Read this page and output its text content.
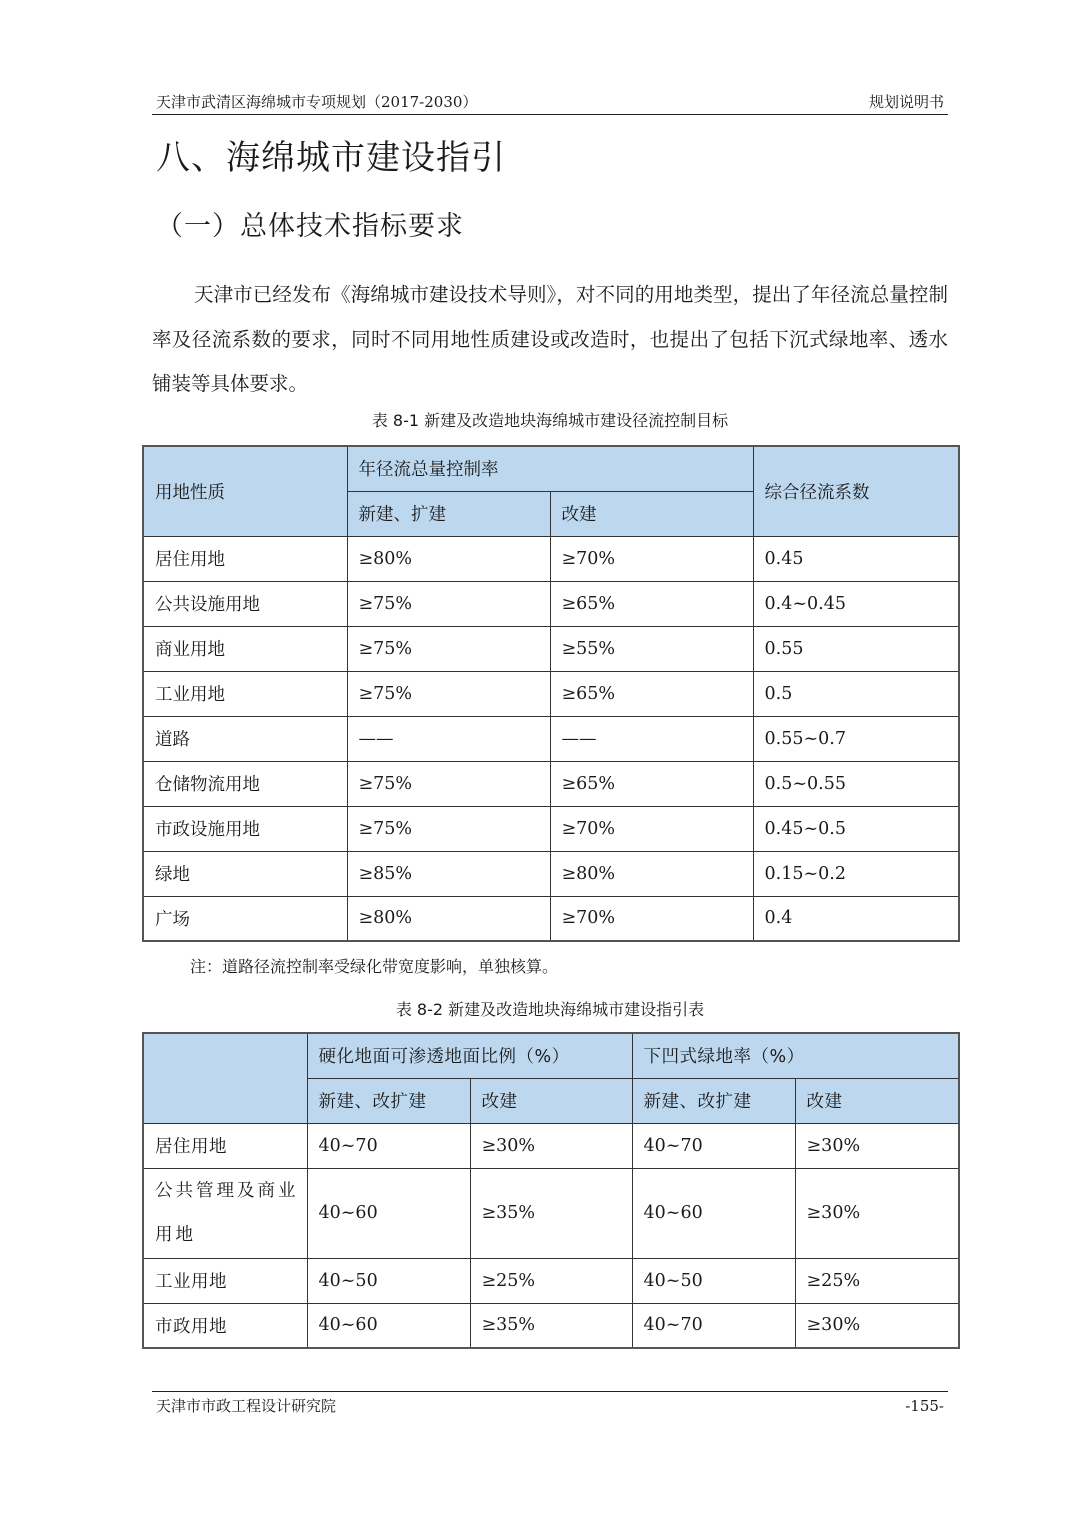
天津市武清区海绵城市专项规划（2017-2030）	规划说明书
八、海绵城市建设指引
（一）总体技术指标要求

天津市已经发布《海绵城市建设技术导则》，对不同的用地类型，提出了年径流总量控制率及径流系数的要求，同时不同用地性质建设或改造时，也提出了包括下沉式绿地率、透水铺装等具体要求。

表 8-1 新建及改造地块海绵城市建设径流控制目标
用地性质	年径流总量控制率		综合径流系数
	新建、扩建	改建	
居住用地	≥80%	≥70%	0.45
公共设施用地	≥75%	≥65%	0.4~0.45
商业用地	≥75%	≥55%	0.55
工业用地	≥75%	≥65%	0.5
道路	——	——	0.55~0.7
仓储物流用地	≥75%	≥65%	0.5~0.55
市政设施用地	≥75%	≥70%	0.45~0.5
绿地	≥85%	≥80%	0.15~0.2
广场	≥80%	≥70%	0.4
注：道路径流控制率受绿化带宽度影响，单独核算。
表 8-2 新建及改造地块海绵城市建设指引表
	硬化地面可渗透地面比例（%）		下凹式绿地率（%）	
	新建、改扩建	改建	新建、改扩建	改建
居住用地	40~70	≥30%	40~70	≥30%
公共管理及商业用地	40~60	≥35%	40~60	≥30%
工业用地	40~50	≥25%	40~50	≥25%
市政用地	40~60	≥35%	40~70	≥30%
天津市市政工程设计研究院	-155-
